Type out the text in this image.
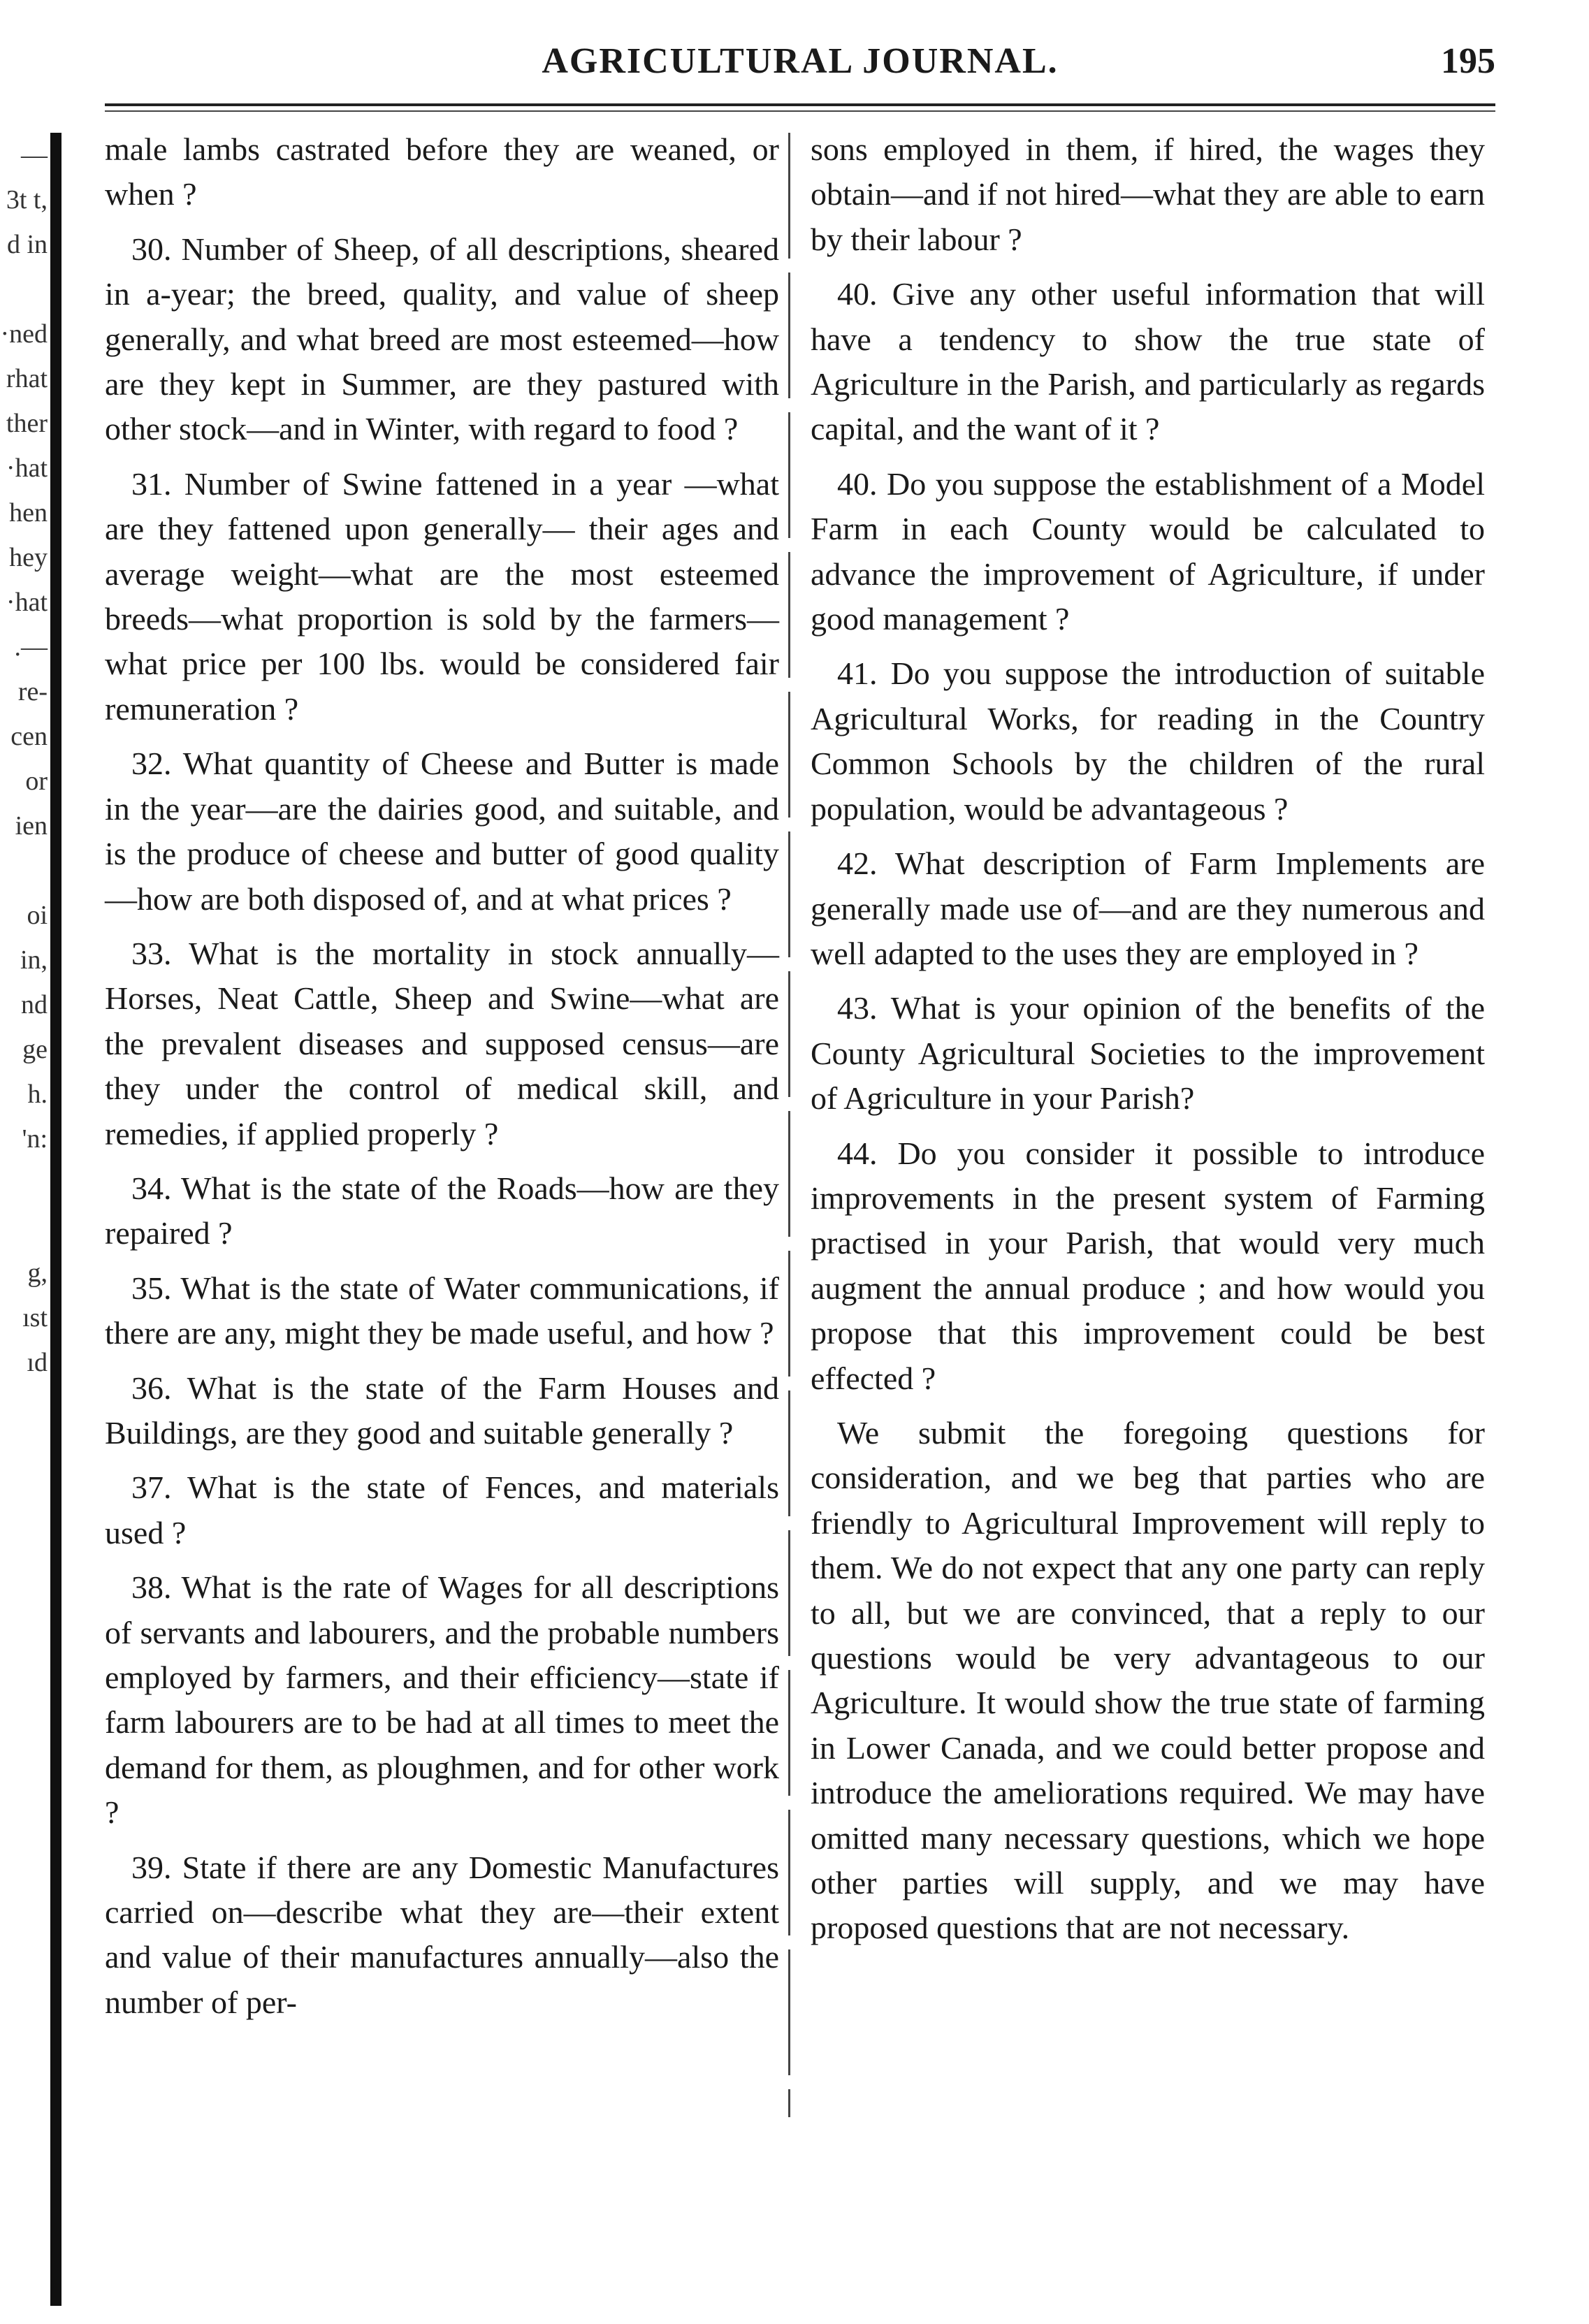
—
3t t,
d in
·ned
rhat
ther
·hat
hen
hey
·hat
.—
re-
cen
or
ien
oi
in,
nd
ge
h.
'n:
g,
ıst
ıd
AGRICULTURAL JOURNAL.	195

male lambs castrated before they are weaned, or when ?

30. Number of Sheep, of all descriptions, sheared in a-year; the breed, quality, and value of sheep generally, and what breed are most esteemed—how are they kept in Summer, are they pastured with other stock—and in Winter, with regard to food ?

31. Number of Swine fattened in a year —what are they fattened upon generally— their ages and average weight—what are the most esteemed breeds—what proportion is sold by the farmers—what price per 100 lbs. would be considered fair remuneration ?

32. What quantity of Cheese and Butter is made in the year—are the dairies good, and suitable, and is the produce of cheese and butter of good quality—how are both disposed of, and at what prices ?

33. What is the mortality in stock annually—Horses, Neat Cattle, Sheep and Swine—what are the prevalent diseases and supposed census—are they under the control of medical skill, and remedies, if applied properly ?

34. What is the state of the Roads—how are they repaired ?

35. What is the state of Water communications, if there are any, might they be made useful, and how ?

36. What is the state of the Farm Houses and Buildings, are they good and suitable generally ?

37. What is the state of Fences, and materials used ?

38. What is the rate of Wages for all descriptions of servants and labourers, and the probable numbers employed by farmers, and their efficiency—state if farm labourers are to be had at all times to meet the demand for them, as ploughmen, and for other work ?

39. State if there are any Domestic Manufactures carried on—describe what they are—their extent and value of their manufactures annually—also the number of per-

sons employed in them, if hired, the wages they obtain—and if not hired—what they are able to earn by their labour ?

40. Give any other useful information that will have a tendency to show the true state of Agriculture in the Parish, and particularly as regards capital, and the want of it ?

40. Do you suppose the establishment of a Model Farm in each County would be calculated to advance the improvement of Agriculture, if under good management ?

41. Do you suppose the introduction of suitable Agricultural Works, for reading in the Country Common Schools by the children of the rural population, would be advantageous ?

42. What description of Farm Implements are generally made use of—and are they numerous and well adapted to the uses they are employed in ?

43. What is your opinion of the benefits of the County Agricultural Societies to the improvement of Agriculture in your Parish?

44. Do you consider it possible to introduce improvements in the present system of Farming practised in your Parish, that would very much augment the annual produce ; and how would you propose that this improvement could be best effected ?

We submit the foregoing questions for consideration, and we beg that parties who are friendly to Agricultural Improvement will reply to them. We do not expect that any one party can reply to all, but we are convinced, that a reply to our questions would be very advantageous to our Agriculture. It would show the true state of farming in Lower Canada, and we could better propose and introduce the ameliorations required. We may have omitted many necessary questions, which we hope other parties will supply, and we may have proposed questions that are not necessary.
